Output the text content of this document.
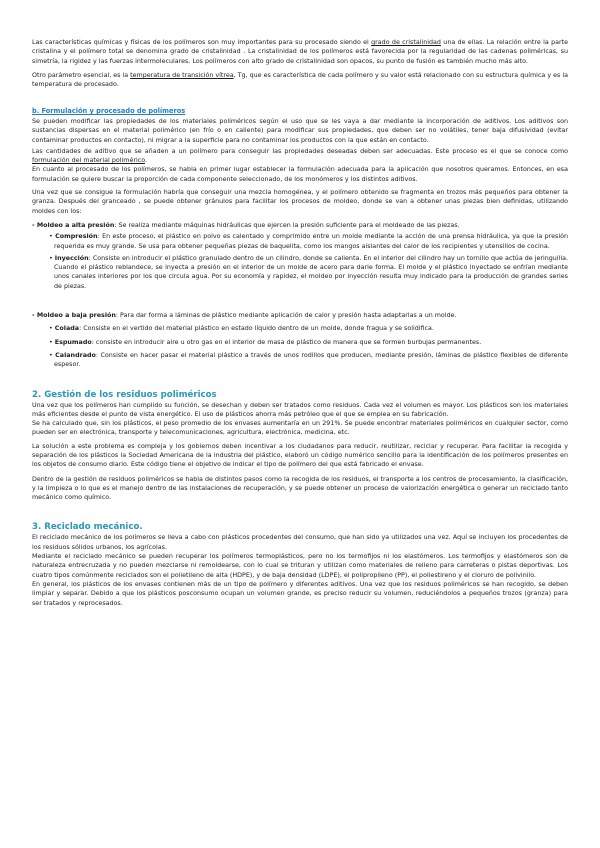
Las características químicas y físicas de los polímeros son muy importantes para su procesado siendo el grado de cristalinidad una de ellas. La relación entre la parte cristalina y el polímero total se denomina grado de cristalinidad . La cristalinidad de los polímeros está favorecida por la regularidad de las cadenas poliméricas, su simetría, la rigidez y las fuerzas intermoleculares. Los polímeros con alto grado de cristalinidad son opacos, su punto de fusión es también mucho más alto.

Otro parámetro esencial, es la temperatura de transición vítrea, Tg, que es característica de cada polímero y su valor está relacionado con su estructura química y es la temperatura de procesado.

b. Formulación y procesado de polímeros

Se pueden modificar las propiedades de los materiales poliméricos según el uso que se les vaya a dar mediante la incorporación de aditivos. Los aditivos son sustancias dispersas en el material polimérico (en frío o en caliente) para modificar sus propiedades, que deben ser no volátiles, tener baja difusividad (evitar contaminar productos en contacto), ni migrar a la superficie para no contaminar los productos con la que están en contacto.

Las cantidades de aditivo que se añaden a un polímero para conseguir las propiedades deseadas deben ser adecuadas. Este proceso es el que se conoce como formulación del material polimérico.

En cuanto al procesado de los polímeros, se habla en primer lugar establecer la formulación adecuada para la aplicación que nosotros queramos. Entonces, en esa formulación se quiere buscar la proporción de cada componente seleccionado, de los monómeros y los distintos aditivos.

Una vez que se consigue la formulación habría que conseguir una mezcla homogénea, y el polímero obtenido se fragmenta en trozos más pequeños para obtener la granza. Después del granceado , se puede obtener gránulos para facilitar los procesos de moldeo, donde se van a obtener unas piezas bien definidas, utilizando moldes con los:

- Moldeo a alta presión: Se realiza mediante máquinas hidráulicas que ejercen la presión suficiente para el moldeado de las piezas.

• Compresión: En este proceso, el plástico en polvo es calentado y comprimido entre un molde mediante la acción de una prensa hidráulica, ya que la presión requerida es muy grande. Se usa para obtener pequeñas piezas de baquelita, como los mangos aislantes del calor de los recipientes y utensilios de cocina.

• Inyección: Consiste en introducir el plástico granulado dentro de un cilindro, donde se calienta. En el interior del cilindro hay un tornillo que actúa de jeringuilla. Cuando el plástico reblandece, se inyecta a presión en el interior de un molde de acero para darle forma. El molde y el plástico inyectado se enfrían mediante unos canales interiores por los que circula agua. Por su economía y rapidez, el moldeo por inyección resulta muy indicado para la producción de grandes series de piezas.

- Moldeo a baja presión: Para dar forma a láminas de plástico mediante aplicación de calor y presión hasta adaptarlas a un molde.

• Colada: Consiste en el vertido del material plástico en estado líquido dentro de un molde, donde fragua y se solidifica.

• Espumado: consiste en introducir aire u otro gas en el interior de masa de plástico de manera que se formen burbujas permanentes.

• Calandrado: Consiste en hacer pasar el material plástico a través de unos rodillos que producen, mediante presión, láminas de plástico flexibles de diferente espesor.

2. Gestión de los residuos poliméricos

Una vez que los polímeros han cumplido su función, se desechan y deben ser tratados como residuos. Cada vez el volumen es mayor. Los plásticos son los materiales más eficientes desde el punto de vista energético. El uso de plásticos ahorra más petróleo que el que se emplea en su fabricación.

Se ha calculado que, sin los plásticos, el peso promedio de los envases aumentaría en un 291%. Se puede encontrar materiales poliméricos en cualquier sector, como pueden ser en electrónica, transporte y telecomunicaciones, agricultura, electrónica, medicina, etc.

La solución a este problema es compleja y los gobiernos deben incentivar a los ciudadanos para reducir, reutilizar, reciclar y recuperar. Para facilitar la recogida y separación de los plásticos la Sociedad Americana de la industria del plástico, elaboró un código numérico sencillo para la identificación de los polímeros presentes en los objetos de consumo diario. Este código tiene el objetivo de indicar el tipo de polímero del que está fabricado el envase.

Dentro de la gestión de residuos poliméricos se habla de distintos pasos como la recogida de los residuos, el transporte a los centros de procesamiento, la clasificación, y la limpieza o lo que es el manejo dentro de las instalaciones de recuperación, y se puede obtener un proceso de valorización energética o generar un reciclado tanto mecánico como químico.

3. Reciclado mecánico.

El reciclado mecánico de los polímeros se lleva a cabo con plásticos procedentes del consumo, que han sido ya utilizados una vez. Aquí se incluyen los procedentes de los residuos sólidos urbanos, los agrícolas.

Mediante el reciclado mecánico se pueden recuperar los polímeros termoplásticos, pero no los termofijos ni los elastómeros. Los termofijos y elastómeros son de naturaleza entrecruzada y no pueden mezclarse ni remoldearse, con lo cual se trituran y utilizan como materiales de relleno para carreteras o pistas deportivas. Los cuatro tipos comúnmente reciclados son el polietileno de alta (HDPE), y de baja densidad (LDPE), el polipropileno (PP), el poliestireno y el cloruro de polivinilo.

En general, los plásticos de los envases contienen más de un tipo de polímero y diferentes aditivos. Una vez que los residuos poliméricos se han recogido, se deben limpiar y separar. Debido a que los plásticos posconsumo ocupan un volumen grande, es preciso reducir su volumen, reduciéndolos a pequeños trozos (granza) para ser tratados y reprocesados.
